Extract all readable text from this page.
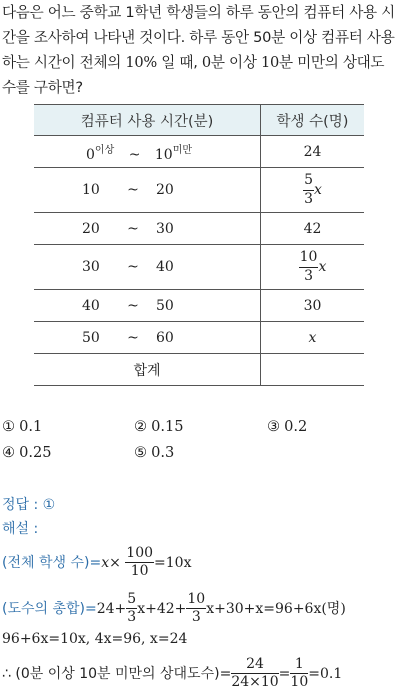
다음은 어느 중학교 1학년 학생들의 하루 동안의 컴퓨터 사용 시간을 조사하여 나타낸 것이다. 하루 동안 50분 이상 컴퓨터 사용하는 시간이 전체의 10% 일 때, 0분 이상 10분 미만의 상대도수를 구하면?
컴퓨터 사용 시간(분)	학생 수(명)
$0^{이상}$ ~ $10^{미만}$	24
10 ~ 20	$\frac{5}{3}$ x
20 ~ 30	42
30 ~ 40	$\frac{10}{3}$ x
40 ~ 50	30
50 ~ 60	x
합계	
① 0.1	② 0.15	③ 0.2
④ 0.25	⑤ 0.3
정답 : ①
해설 :
(전체 학생 수)$=x\times \frac{100}{10} =10x$
(도수의 총합)$=24+ \frac{5}{3} x+42+ \frac{10}{3} x+30+x=96+6x$(명)
96+6x=10x, 4x=96, x=24
∴ (0분 이상 10분 미만의 상대도수)= $\frac{24}{24\times 10} = \frac{1}{10} =0.1$
